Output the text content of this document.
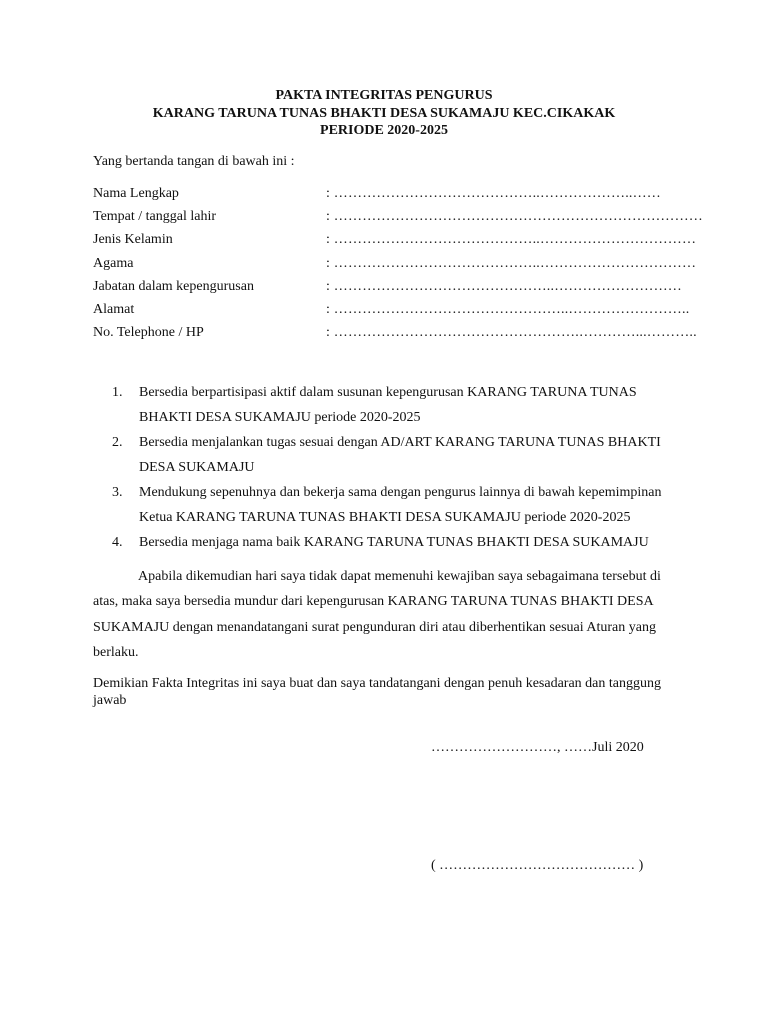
PAKTA INTEGRITAS PENGURUS
KARANG TARUNA TUNAS BHAKTI DESA SUKAMAJU KEC.CIKAKAK
PERIODE 2020-2025
Yang bertanda tangan di bawah ini :
Nama Lengkap	: ……………………………………..………………..……
Tempat / tanggal lahir	: ……………………………………………………………………
Jenis Kelamin	: ……………………………………..……………………………
Agama	: ……………………………………..……………………………
Jabatan dalam kepengurusan	: ………………………………………..………………………
Alamat	: …………………………………………..……………………..
No. Telephone / HP	: …………………………………………….…………...………..
1. Bersedia berpartisipasi aktif dalam susunan kepengurusan KARANG TARUNA TUNAS
BHAKTI DESA SUKAMAJU periode 2020-2025
2. Bersedia menjalankan tugas sesuai dengan AD/ART KARANG TARUNA TUNAS BHAKTI
DESA SUKAMAJU
3. Mendukung sepenuhnya dan bekerja sama dengan pengurus lainnya di bawah kepemimpinan
Ketua KARANG TARUNA TUNAS BHAKTI DESA SUKAMAJU periode 2020-2025
4. Bersedia menjaga nama baik KARANG TARUNA TUNAS BHAKTI DESA SUKAMAJU
Apabila dikemudian hari saya tidak dapat memenuhi kewajiban saya sebagaimana tersebut di
atas, maka saya bersedia mundur dari kepengurusan KARANG TARUNA TUNAS BHAKTI DESA
SUKAMAJU dengan menandatangani surat pengunduran diri atau diberhentikan sesuai Aturan yang
berlaku.
Demikian Fakta Integritas ini saya buat dan saya tandatangani dengan penuh kesadaran dan tanggung
jawab
………………………, ……Juli 2020
( …………………………………… )
